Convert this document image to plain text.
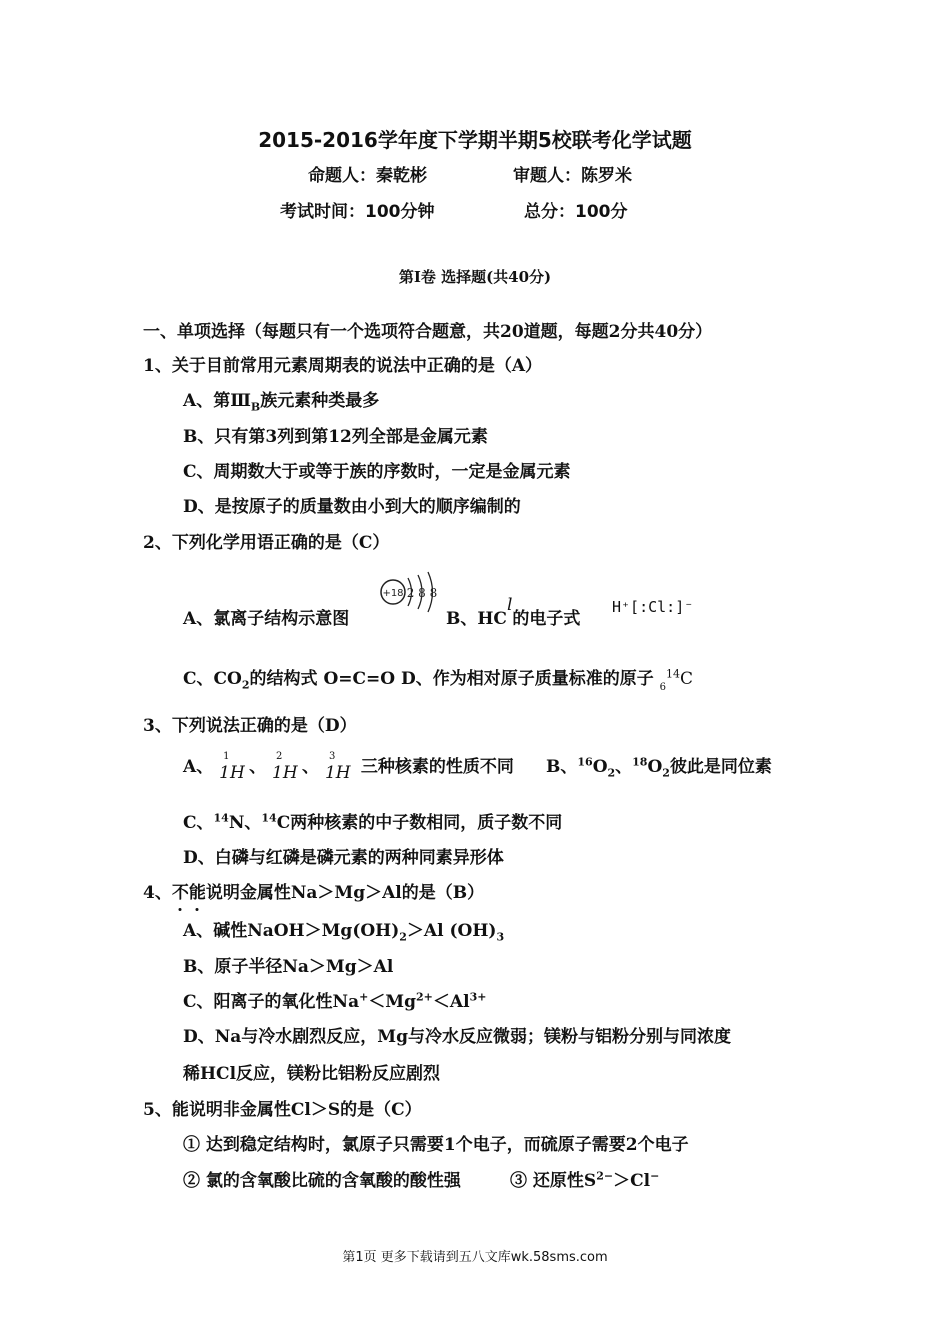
2015-2016学年度下学期半期5校联考化学试题
命题人：秦乾彬	审题人：陈罗米
考试时间：100分钟	总分：100分
第Ⅰ卷 选择题(共40分)
一、单项选择（每题只有一个选项符合题意，共20道题，每题2分共40分）
1、关于目前常用元素周期表的说法中正确的是（A）
A、第$Ⅲ_B$族元素种类最多
B、只有第3列到第12列全部是金属元素
C、周期数大于或等于族的序数时，一定是金属元素
D、是按原子的质量数由小到大的顺序编制的
2、下列化学用语正确的是（C）
A、氯离子结构示意图
+18 2 8 8
B、HCl的电子式
H⁺[:Cl:]⁻
C、$CO_2$的结构式 O=C=O D、作为相对原子质量标准的原子 $_6^{14}$C
3、下列说法正确的是（D）
A、
1
1H 、
2
1H 、
3
1H 三种核素的性质不同 B、$^{16}O_2$、$^{18}O_2$彼此是同位素
C、$^{14}$N、$^{14}$C两种核素的中子数相同，质子数不同
D、白磷与红磷是磷元素的两种同素异形体
4、不能说明金属性Na＞Mg＞Al的是（B）
A、碱性$NaOH>Mg(OH)_2>Al$ $(OH)_3$
B、原子半径Na＞Mg＞Al
C、阳离子的氧化性$Na^+<Mg^{2+}<Al^{3+}$
D、Na与冷水剧烈反应，Mg与冷水反应微弱；镁粉与铝粉分别与同浓度
稀HCl反应，镁粉比铝粉反应剧烈
5、能说明非金属性Cl＞S的是（C）
① 达到稳定结构时，氯原子只需要1个电子，而硫原子需要2个电子
② 氯的含氧酸比硫的含氧酸的酸性强	③ 还原性$S^{2-}>Cl^-$
第1页 更多下载请到五八文库wk.58sms.com
